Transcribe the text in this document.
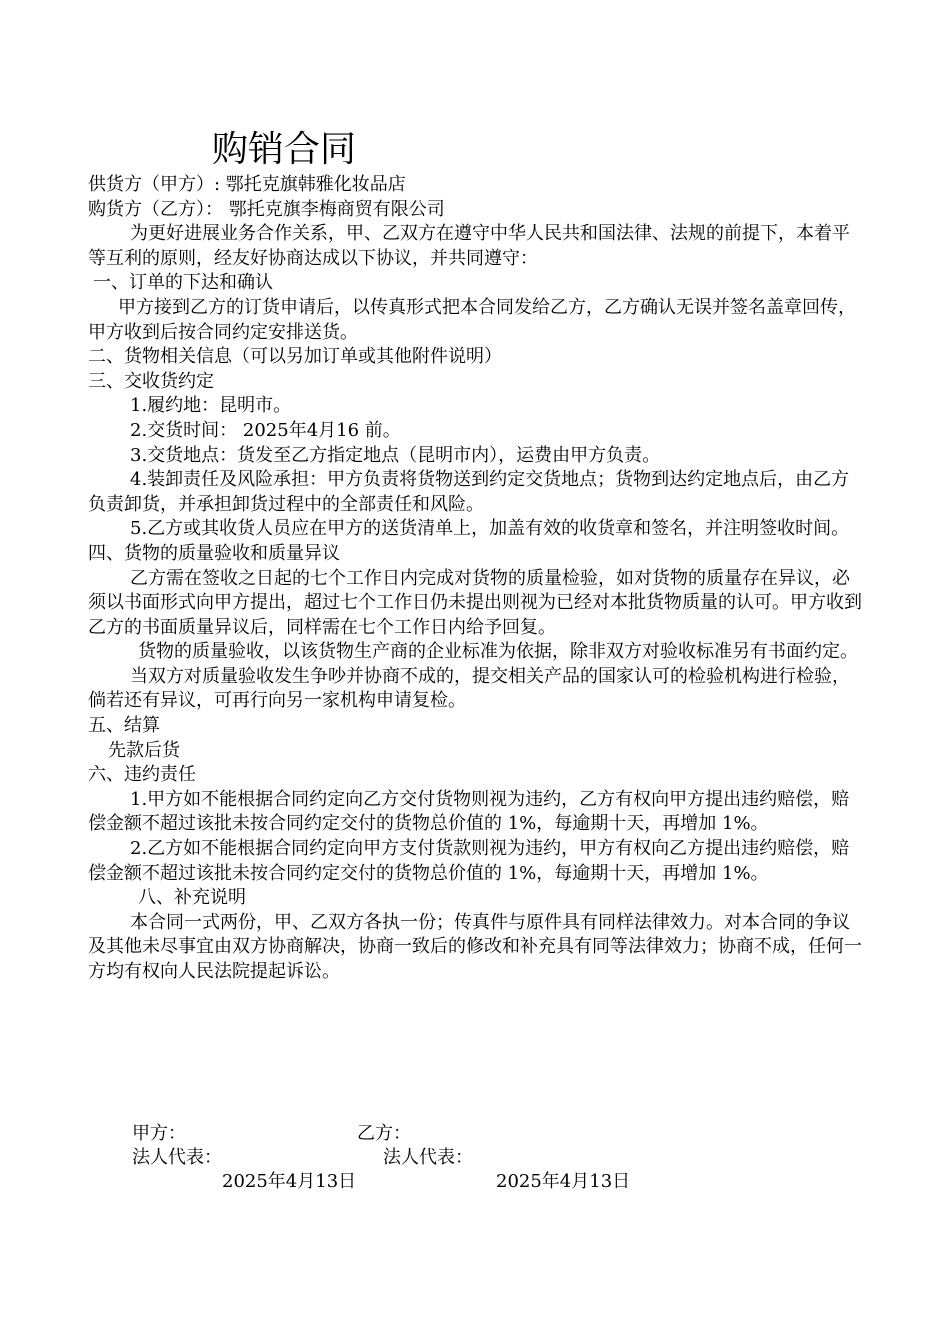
购销合同

供货方（甲方）: 鄂托克旗韩雅化妆品店

购货方（乙方）： 鄂托克旗李梅商贸有限公司

为更好进展业务合作关系，甲、乙双方在遵守中华人民共和国法律、法规的前提下，本着平等互利的原则，经友好协商达成以下协议，并共同遵守：

一、订单的下达和确认

甲方接到乙方的订货申请后，以传真形式把本合同发给乙方，乙方确认无误并签名盖章回传，甲方收到后按合同约定安排送货。

二、货物相关信息（可以另加订单或其他附件说明）

三、交收货约定

1.履约地：昆明市。

2.交货时间： 2025年4月16 前。

3.交货地点：货发至乙方指定地点（昆明市内），运费由甲方负责。

4.装卸责任及风险承担：甲方负责将货物送到约定交货地点；货物到达约定地点后，由乙方负责卸货，并承担卸货过程中的全部责任和风险。

5.乙方或其收货人员应在甲方的送货清单上，加盖有效的收货章和签名，并注明签收时间。

四、货物的质量验收和质量异议

乙方需在签收之日起的七个工作日内完成对货物的质量检验，如对货物的质量存在异议，必须以书面形式向甲方提出，超过七个工作日仍未提出则视为已经对本批货物质量的认可。甲方收到乙方的书面质量异议后，同样需在七个工作日内给予回复。

货物的质量验收，以该货物生产商的企业标准为依据，除非双方对验收标准另有书面约定。

当双方对质量验收发生争吵并协商不成的，提交相关产品的国家认可的检验机构进行检验，倘若还有异议，可再行向另一家机构申请复检。

五、结算

先款后货

六、违约责任

1.甲方如不能根据合同约定向乙方交付货物则视为违约，乙方有权向甲方提出违约赔偿，赔偿金额不超过该批未按合同约定交付的货物总价值的 1%，每逾期十天，再增加 1%。

2.乙方如不能根据合同约定向甲方支付货款则视为违约，甲方有权向乙方提出违约赔偿，赔偿金额不超过该批未按合同约定交付的货物总价值的 1%，每逾期十天，再增加 1%。

八、补充说明

本合同一式两份，甲、乙双方各执一份；传真件与原件具有同样法律效力。对本合同的争议及其他未尽事宜由双方协商解决，协商一致后的修改和补充具有同等法律效力；协商不成，任何一方均有权向人民法院提起诉讼。

甲方：	乙方：
法人代表：	法人代表：
2025年4月13日	2025年4月13日
